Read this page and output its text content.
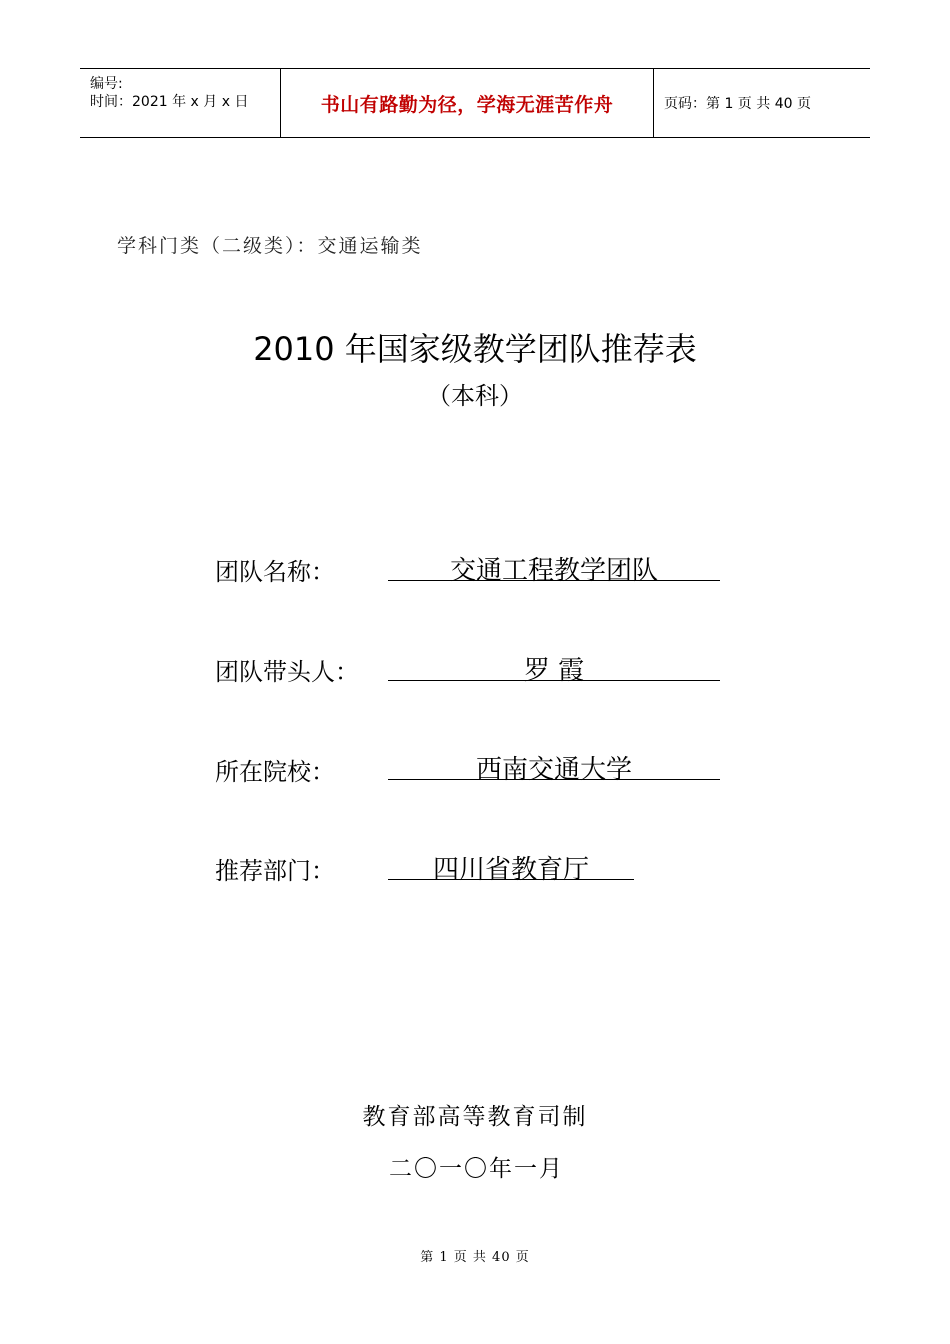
编号:
时间：2021 年 x 月 x 日	书山有路勤为径，学海无涯苦作舟	页码：第 1 页 共 40 页
学科门类（二级类）：交通运输类
2010 年国家级教学团队推荐表
（本科）
团队名称：	交通工程教学团队
团队带头人：	罗 霞
所在院校：	西南交通大学
推荐部门：	四川省教育厅
教育部高等教育司制
二〇一〇年一月
第 1 页 共 40 页
